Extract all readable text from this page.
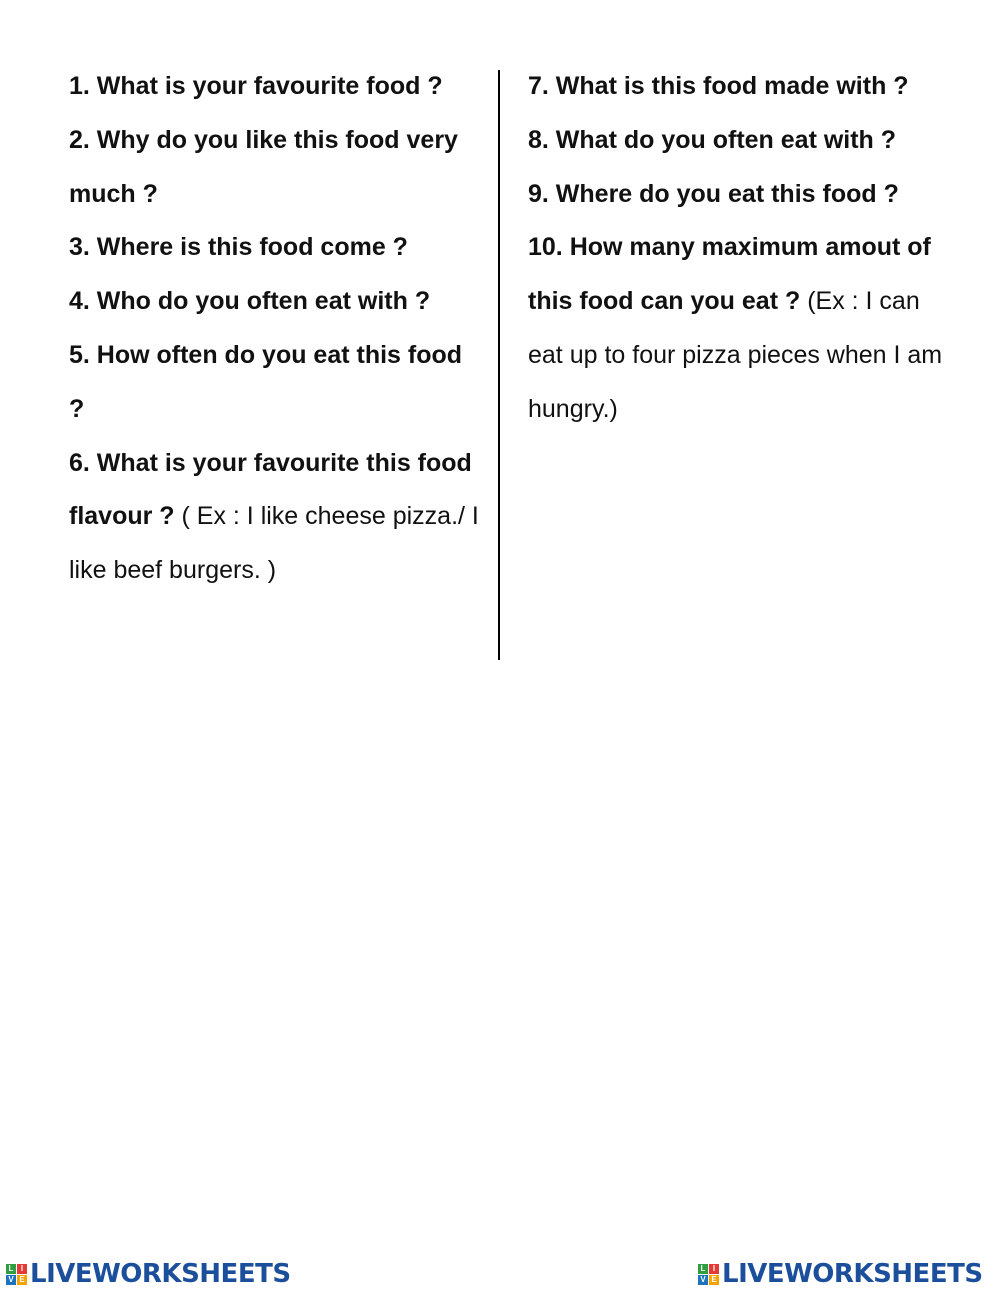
1. What is your favourite food ?

2. Why do you like this food very much ?

3. Where is this food come ?

4. Who do you often eat with ?

5. How often do you eat this food ?

6. What is your favourite this food flavour ? ( Ex : I like cheese pizza./ I like beef burgers. )

7. What is this food made with ?

8. What do you often eat with ?

9. Where do you eat this food ?

10. How many maximum amout of this food can you eat ? (Ex : I can eat up to four pizza pieces when I am hungry.)

L I
V E LIVEWORKSHEETS	L I
V E LIVEWORKSHEETS
